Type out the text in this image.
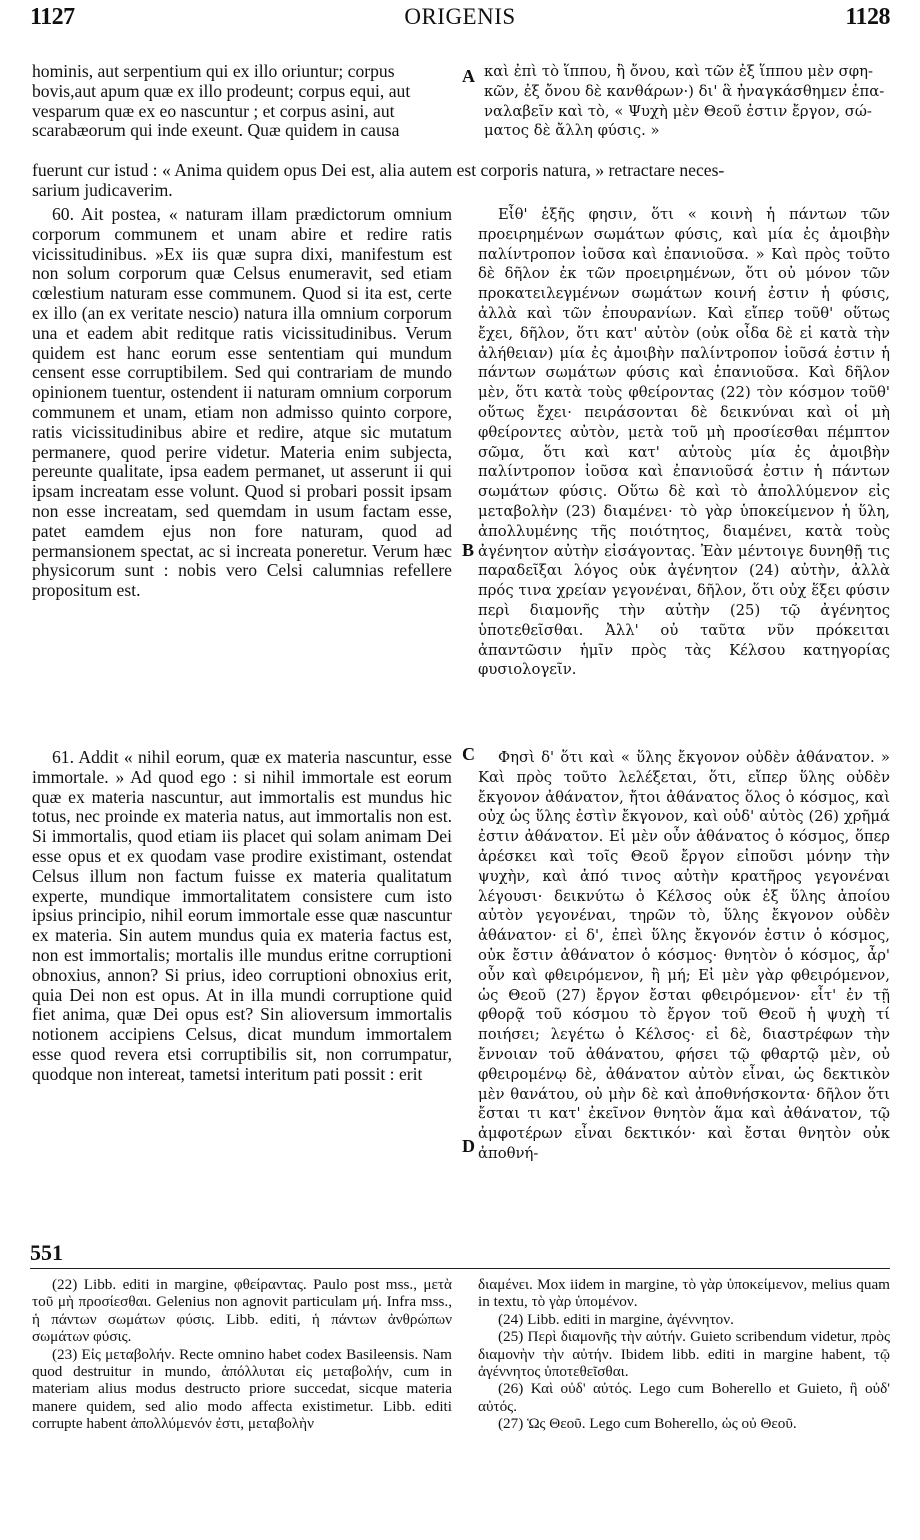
1127	ORIGENIS	1128

hominis, aut serpentium qui ex illo oriuntur; corpus

bovis,aut apum quæ ex illo prodeunt; corpus equi, aut

vesparum quæ ex eo nascuntur ; et corpus asini, aut

scarabæorum qui inde exeunt. Quæ quidem in causa

A καὶ ἐπὶ τὸ ἵππου, ἢ ὄνου, καὶ τῶν ἐξ ἵππου μὲν σφη-

κῶν, ἐξ ὄνου δὲ κανθάρων·) δι' ἃ ἠναγκάσθημεν ἐπα-

ναλαβεῖν καὶ τὸ, « Ψυχὴ μὲν Θεοῦ ἐστιν ἔργον, σώ-

ματος δὲ ἄλλη φύσις. »

fuerunt cur istud : « Anima quidem opus Dei est, alia autem est corporis natura, » retractare neces-

sarium judicaverim.

60. Ait postea, « naturam illam prædictorum omnium corporum communem et unam abire et redire ratis vicissitudinibus. »Ex iis quæ supra dixi, manifestum est non solum corporum quæ Celsus enumeravit, sed etiam cœlestium naturam esse communem. Quod si ita est, certe ex illo (an ex veritate nescio) natura illa omnium corporum una et eadem abit reditque ratis vicissitudinibus. Verum quidem est hanc eorum esse sententiam qui mundum censent esse corruptibilem. Sed qui contrariam de mundo opinionem tuentur, ostendent ii naturam omnium corporum communem et unam, etiam non admisso quinto corpore, ratis vicissitudinibus abire et redire, atque sic mutatum permanere, quod perire videtur. Materia enim subjecta, pereunte qualitate, ipsa eadem permanet, ut asserunt ii qui ipsam increatam esse volunt. Quod si probari possit ipsam non esse increatam, sed quemdam in usum factam esse, patet eamdem ejus non fore naturam, quod ad permansionem spectat, ac si increata poneretur. Verum hæc physicorum sunt : nobis vero Celsi calumnias refellere propositum est.

B

Εἶθ' ἑξῆς φησιν, ὅτι « κοινὴ ἡ πάντων τῶν προειρημένων σωμάτων φύσις, καὶ μία ἐς ἀμοιβὴν παλίντροπον ἰοῦσα καὶ ἐπανιοῦσα. » Καὶ πρὸς τοῦτο δὲ δῆλον ἐκ τῶν προειρημένων, ὅτι οὐ μόνον τῶν προκατειλεγμένων σωμάτων κοινή ἐστιν ἡ φύσις, ἀλλὰ καὶ τῶν ἐπουρανίων. Καὶ εἴπερ τοῦθ' οὕτως ἔχει, δῆλον, ὅτι κατ' αὐτὸν (οὐκ οἶδα δὲ εἰ κατὰ τὴν ἀλήθειαν) μία ἐς ἀμοιβὴν παλίντροπον ἰοῦσά ἐστιν ἡ πάντων σωμάτων φύσις καὶ ἐπανιοῦσα. Καὶ δῆλον μὲν, ὅτι κατὰ τοὺς φθείροντας (22) τὸν κόσμον τοῦθ' οὕτως ἔχει· πειράσονται δὲ δεικνύναι καὶ οἱ μὴ φθείροντες αὐτὸν, μετὰ τοῦ μὴ προσίεσθαι πέμπτον σῶμα, ὅτι καὶ κατ' αὐτοὺς μία ἐς ἀμοιβὴν παλίντροπον ἰοῦσα καὶ ἐπανιοῦσά ἐστιν ἡ πάντων σωμάτων φύσις. Οὕτω δὲ καὶ τὸ ἀπολλύμενον εἰς μεταβολὴν (23) διαμένει· τὸ γὰρ ὑποκείμενον ἡ ὕλη, ἀπολλυμένης τῆς ποιότητος, διαμένει, κατὰ τοὺς ἀγένητον αὐτὴν εἰσάγοντας. Ἐὰν μέντοιγε δυνηθῇ τις παραδεῖξαι λόγος οὐκ ἀγένητον (24) αὐτὴν, ἀλλὰ πρός τινα χρείαν γεγονέναι, δῆλον, ὅτι οὐχ ἕξει φύσιν περὶ διαμονῆς τὴν αὐτὴν (25) τῷ ἀγένητος ὑποτεθεῖσθαι. Ἀλλ' οὐ ταῦτα νῦν πρόκειται ἀπαντῶσιν ἡμῖν πρὸς τὰς Κέλσου κατηγορίας φυσιολογεῖν.

61. Addit « nihil eorum, quæ ex materia nascuntur, esse immortale. » Ad quod ego : si nihil immortale est eorum quæ ex materia nascuntur, aut immortalis est mundus hic totus, nec proinde ex materia natus, aut immortalis non est. Si immortalis, quod etiam iis placet qui solam animam Dei esse opus et ex quodam vase prodire existimant, ostendat Celsus illum non factum fuisse ex materia qualitatum experte, mundique immortalitatem consistere cum isto ipsius principio, nihil eorum immortale esse quæ nascuntur ex materia. Sin autem mundus quia ex materia factus est, non est immortalis; mortalis ille mundus eritne corruptioni obnoxius, annon? Si prius, ideo corruptioni obnoxius erit, quia Dei non est opus. At in illa mundi corruptione quid fiet anima, quæ Dei opus est? Sin alioversum immortalis notionem accipiens Celsus, dicat mundum immortalem esse quod revera etsi corruptibilis sit, non corrumpatur, quodque non intereat, tametsi interitum pati possit : erit

C
D

Φησὶ δ' ὅτι καὶ « ὕλης ἔκγονον οὐδὲν ἀθάνατον. » Καὶ πρὸς τοῦτο λελέξεται, ὅτι, εἴπερ ὕλης οὐδὲν ἔκγονον ἀθάνατον, ἤτοι ἀθάνατος ὅλος ὁ κόσμος, καὶ οὐχ ὡς ὕλης ἐστὶν ἔκγονον, καὶ οὐδ' αὐτὸς (26) χρῆμά ἐστιν ἀθάνατον. Εἰ μὲν οὖν ἀθάνατος ὁ κόσμος, ὅπερ ἀρέσκει καὶ τοῖς Θεοῦ ἔργον εἰποῦσι μόνην τὴν ψυχὴν, καὶ ἀπό τινος αὐτὴν κρατῆρος γεγονέναι λέγουσι· δεικνύτω ὁ Κέλσος οὐκ ἐξ ὕλης ἀποίου αὐτὸν γεγονέναι, τηρῶν τὸ, ὕλης ἔκγονον οὐδὲν ἀθάνατον· εἰ δ', ἐπεὶ ὕλης ἔκγονόν ἐστιν ὁ κόσμος, οὐκ ἔστιν ἀθάνατον ὁ κόσμος· θνητὸν ὁ κόσμος, ἆρ' οὖν καὶ φθειρόμενον, ἢ μή; Εἰ μὲν γὰρ φθειρόμενον, ὡς Θεοῦ (27) ἔργον ἔσται φθειρόμενον· εἶτ' ἐν τῇ φθορᾷ τοῦ κόσμου τὸ ἔργον τοῦ Θεοῦ ἡ ψυχὴ τί ποιήσει; λεγέτω ὁ Κέλσος· εἰ δὲ, διαστρέφων τὴν ἔννοιαν τοῦ ἀθάνατου, φήσει τῷ φθαρτῷ μὲν, οὐ φθειρομένῳ δὲ, ἀθάνατον αὐτὸν εἶναι, ὡς δεκτικὸν μὲν θανάτου, οὐ μὴν δὲ καὶ ἀποθνήσκοντα· δῆλον ὅτι ἔσται τι κατ' ἐκεῖνον θνητὸν ἅμα καὶ ἀθάνατον, τῷ ἀμφοτέρων εἶναι δεκτικόν· καὶ ἔσται θνητὸν οὐκ ἀποθνή-

551

(22) Libb. editi in margine, φθείραντας. Paulo post mss., μετὰ τοῦ μὴ προσίεσθαι. Gelenius non agnovit particulam μή. Infra mss., ἡ πάντων σωμάτων φύσις. Libb. editi, ἡ πάντων ἀνθρώπων σωμάτων φύσις.

(23) Εἰς μεταβολήν. Recte omnino habet codex Basileensis. Nam quod destruitur in mundo, ἀπόλλυται εἰς μεταβολήν, cum in materiam alius modus destructo priore succedat, sicque materia manere quidem, sed alio modo affecta existimetur. Libb. editi corrupte habent ἀπολλύμενόν ἐστι, μεταβολὴν

διαμένει. Mox iidem in margine, τὸ γὰρ ὑποκείμενον, melius quam in textu, τὸ γὰρ ὑπομένον.

(24) Libb. editi in margine, ἀγέννητον.

(25) Περὶ διαμονῆς τὴν αὐτήν. Guieto scribendum videtur, πρὸς διαμονὴν τὴν αὐτήν. Ibidem libb. editi in margine habent, τῷ ἀγέννητος ὑποτεθεῖσθαι.

(26) Καὶ οὐδ' αὐτός. Lego cum Boherello et Guieto, ἢ οὐδ' αὐτός.

(27) Ὡς Θεοῦ. Lego cum Boherello, ὡς οὐ Θεοῦ.
